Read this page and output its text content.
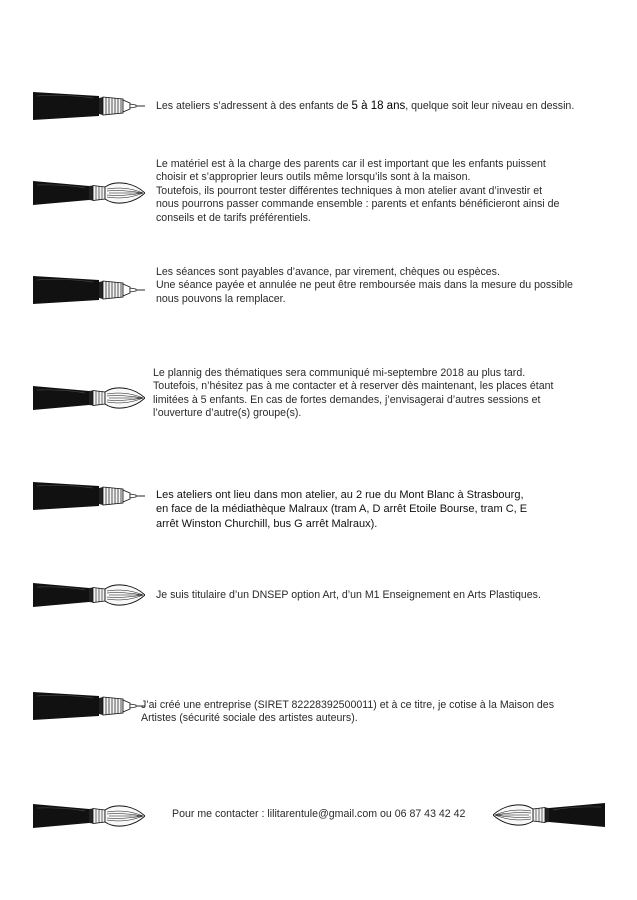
Les ateliers s’adressent à des enfants de 5 à 18 ans, quelque soit leur niveau en dessin.

Le matériel est à la charge des parents car il est important que les enfants puissent
choisir et s’approprier leurs outils même lorsqu’ils sont à la maison.
Toutefois, ils pourront tester différentes techniques à mon atelier avant d’investir et
nous pourrons passer commande ensemble : parents et enfants bénéficieront ainsi de
conseils et de tarifs préférentiels.

Les séances sont payables d’avance, par virement, chèques ou espèces.
Une séance payée et annulée ne peut être remboursée mais dans la mesure du possible
nous pouvons la remplacer.

Le plannig des thématiques sera communiqué mi-septembre 2018 au plus tard.
Toutefois, n’hésitez pas à me contacter et à reserver dès maintenant, les places étant
limitées à 5 enfants. En cas de fortes demandes, j’envisagerai d’autres sessions et
l’ouverture d’autre(s) groupe(s).

Les ateliers ont lieu dans mon atelier, au 2 rue du Mont Blanc à Strasbourg,
en face de la médiathèque Malraux (tram A, D arrêt Etoile Bourse, tram C, E
arrêt Winston Churchill, bus G arrêt Malraux).

Je suis titulaire d’un DNSEP option Art, d’un M1 Enseignement en Arts Plastiques.

J’ai créé une entreprise (SIRET 82228392500011) et à ce titre, je cotise à la Maison des
Artistes (sécurité sociale des artistes auteurs).

Pour me contacter : lilitarentule@gmail.com ou 06 87 43 42 42
